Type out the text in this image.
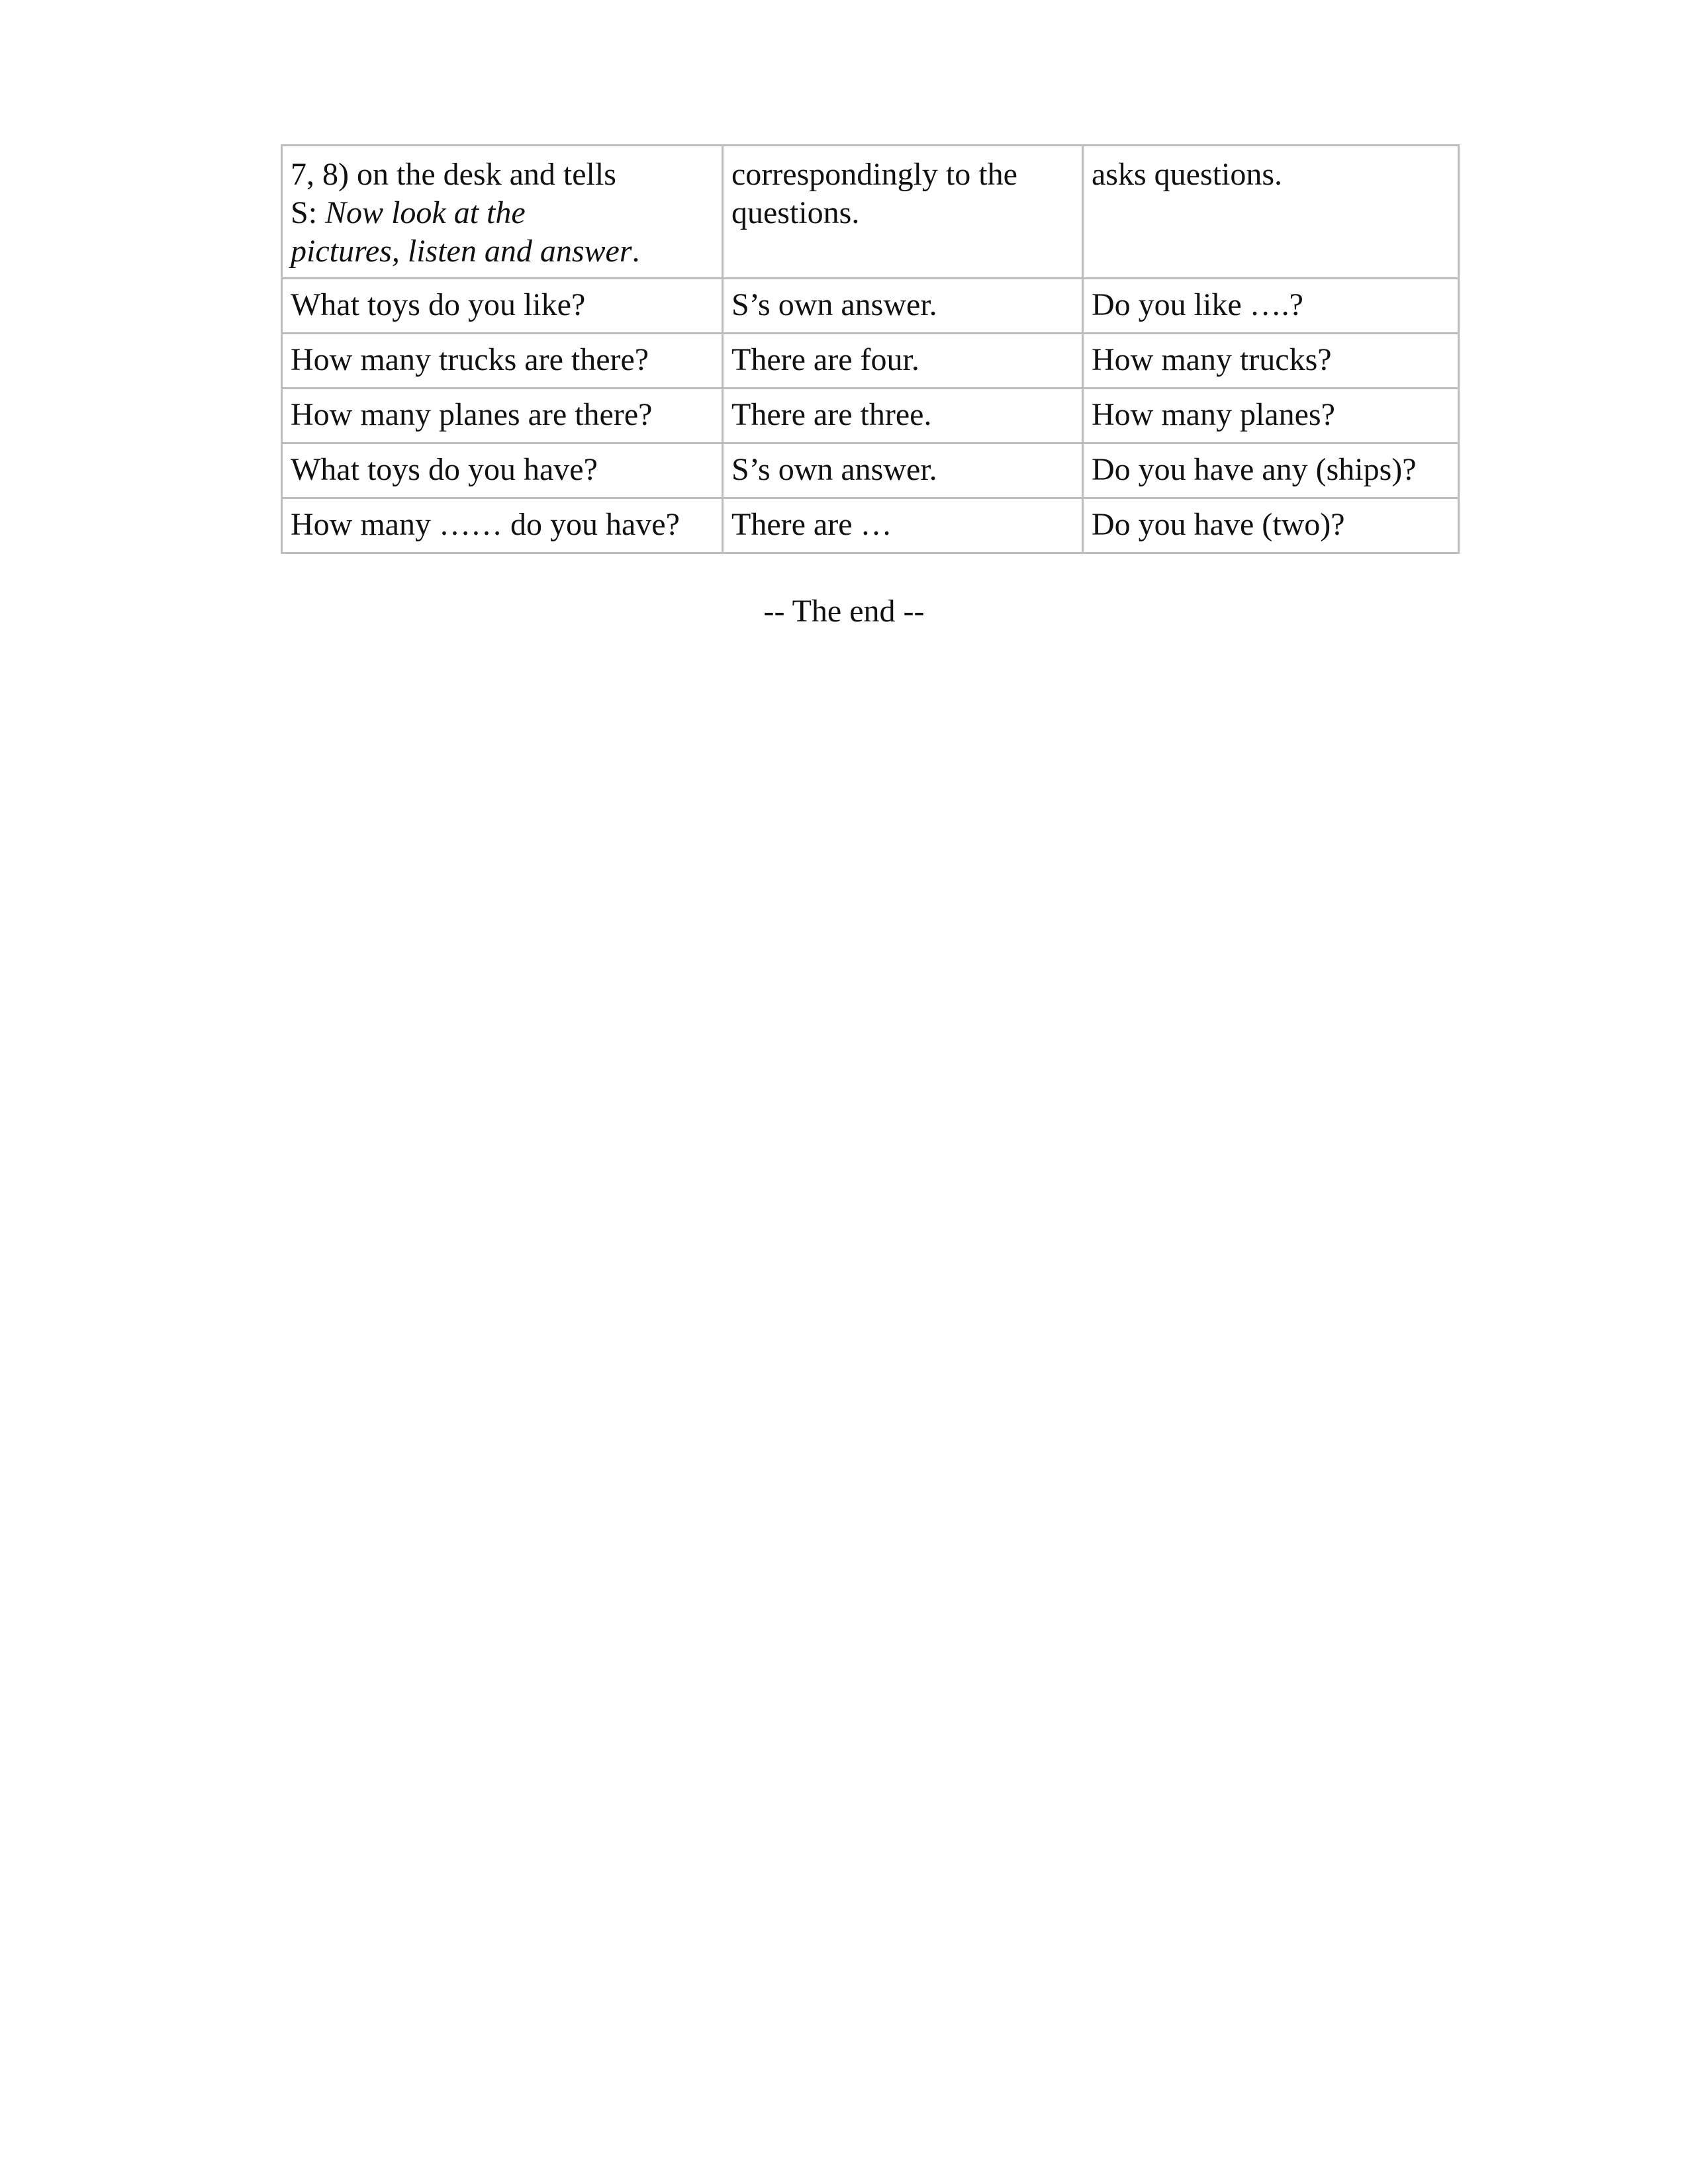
7, 8) on the desk and tells
S: Now look at the
pictures, listen and answer.	correspondingly to the
questions.	asks questions.

What toys do you like?	S’s own answer.	Do you like ….?
How many trucks are there?	There are four.	How many trucks?
How many planes are there?	There are three.	How many planes?
What toys do you have?	S’s own answer.	Do you have any (ships)?
How many …… do you have?	There are …	Do you have (two)?
-- The end --
